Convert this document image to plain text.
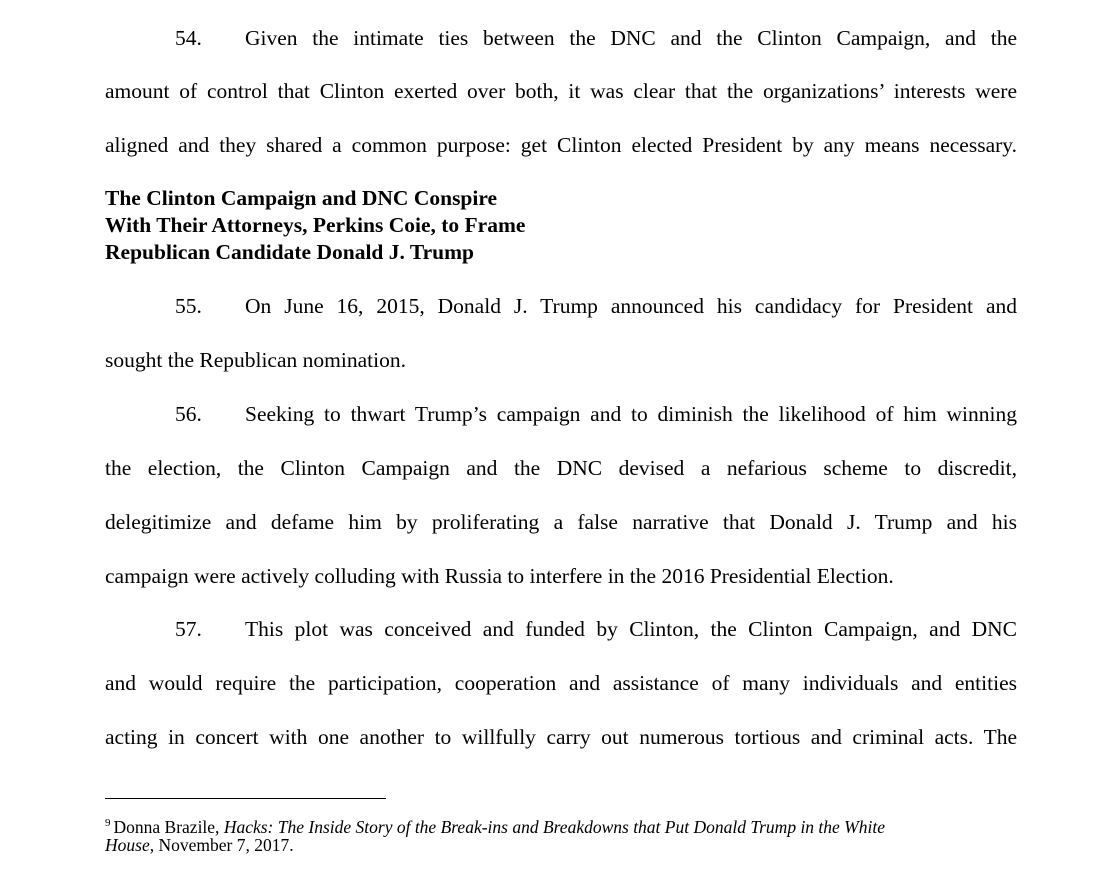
54. Given the intimate ties between the DNC and the Clinton Campaign, and the
amount of control that Clinton exerted over both, it was clear that the organizations’ interests were
aligned and they shared a common purpose: get Clinton elected President by any means necessary.
The Clinton Campaign and DNC Conspire
With Their Attorneys, Perkins Coie, to Frame
Republican Candidate Donald J. Trump
55. On June 16, 2015, Donald J. Trump announced his candidacy for President and
sought the Republican nomination.
56. Seeking to thwart Trump’s campaign and to diminish the likelihood of him winning
the election, the Clinton Campaign and the DNC devised a nefarious scheme to discredit,
delegitimize and defame him by proliferating a false narrative that Donald J. Trump and his
campaign were actively colluding with Russia to interfere in the 2016 Presidential Election.
57. This plot was conceived and funded by Clinton, the Clinton Campaign, and DNC
and would require the participation, cooperation and assistance of many individuals and entities
acting in concert with one another to willfully carry out numerous tortious and criminal acts. The
$^9$ Donna Brazile, Hacks: The Inside Story of the Break-ins and Breakdowns that Put Donald Trump in the White
House, November 7, 2017.
